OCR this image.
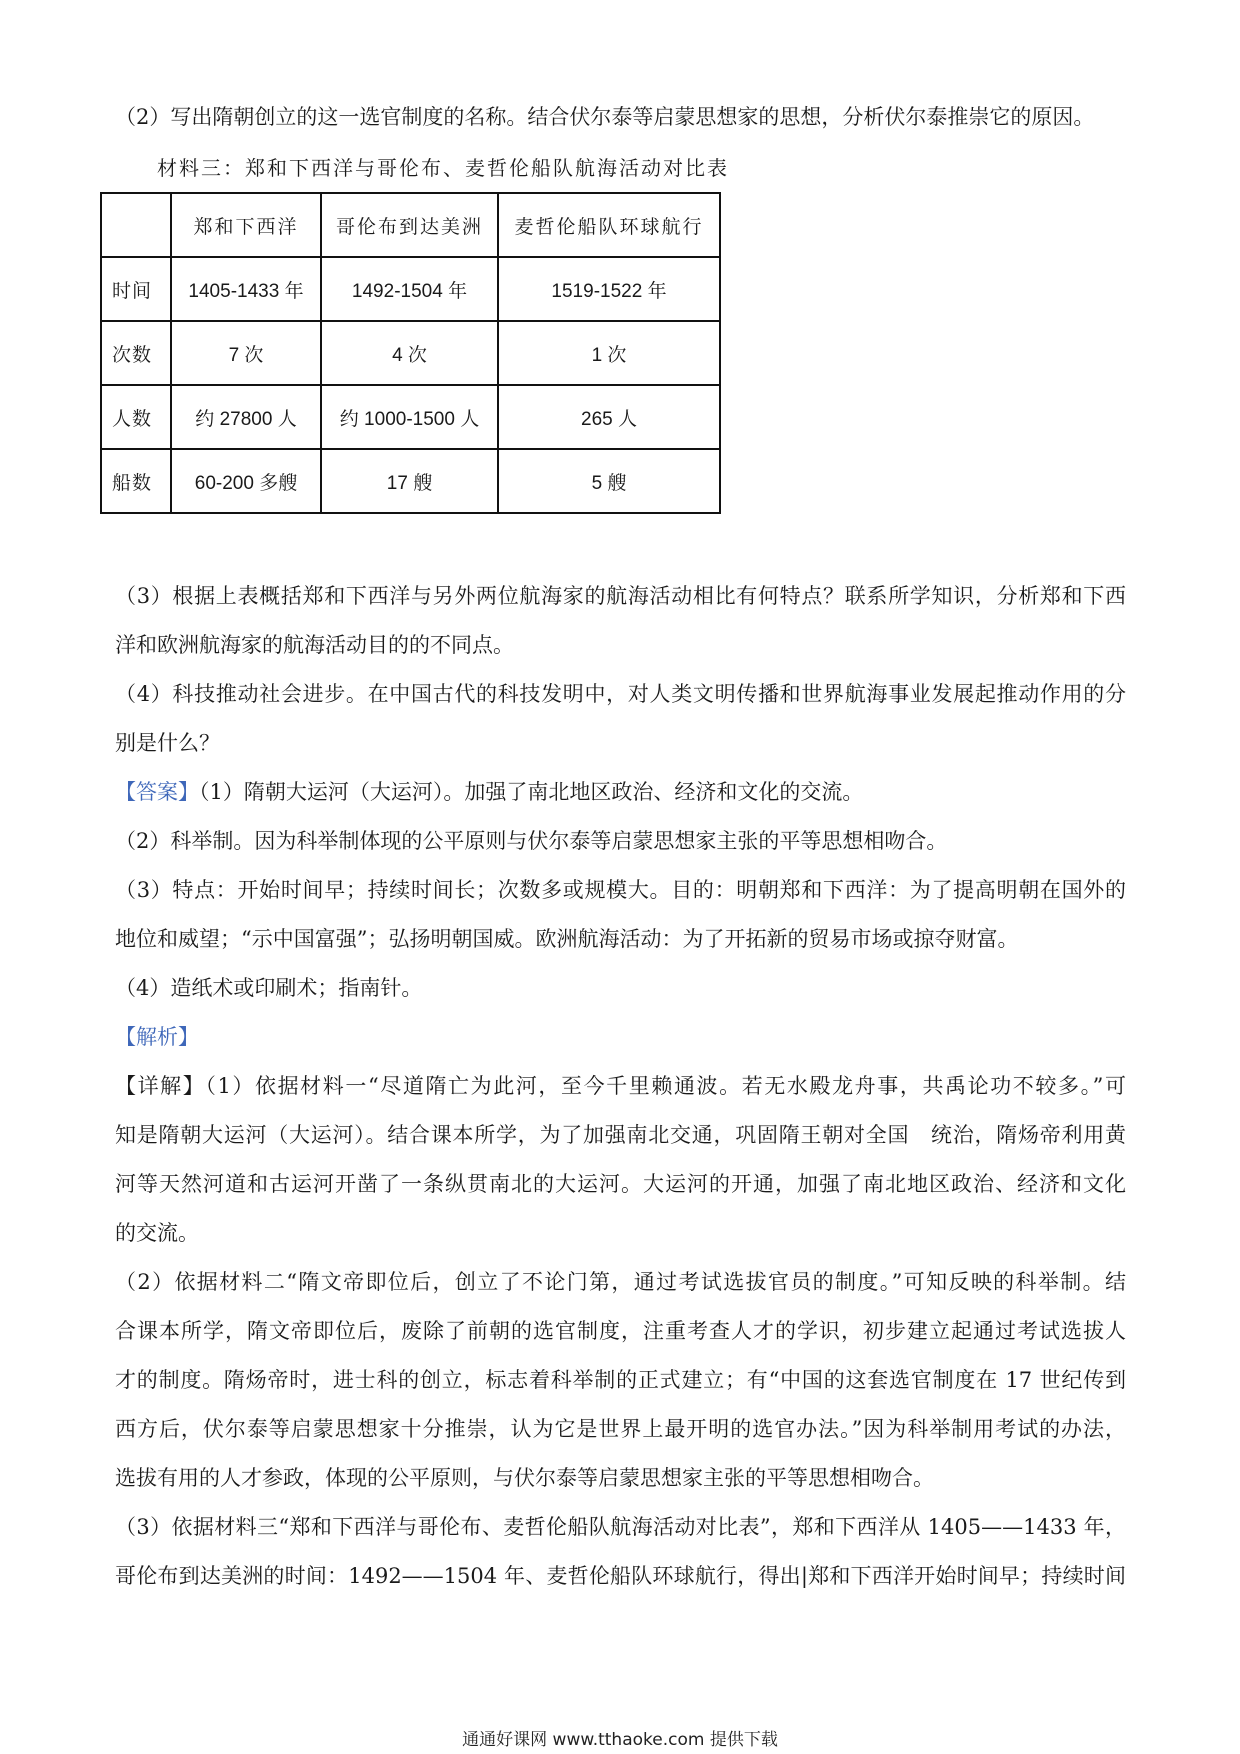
（2）写出隋朝创立的这一选官制度的名称。结合伏尔泰等启蒙思想家的思想，分析伏尔泰推崇它的原因。
材料三：郑和下西洋与哥伦布、麦哲伦船队航海活动对比表
	郑和下西洋	哥伦布到达美洲	麦哲伦船队环球航行
时间	1405-1433 年	1492-1504 年	1519-1522 年
次数	7 次	4 次	1 次
人数	约 27800 人	约 1000-1500 人	265 人
船数	60-200 多艘	17 艘	5 艘
（3）根据上表概括郑和下西洋与另外两位航海家的航海活动相比有何特点？联系所学知识，分析郑和下西
洋和欧洲航海家的航海活动目的的不同点。
（4）科技推动社会进步。在中国古代的科技发明中，对人类文明传播和世界航海事业发展起推动作用的分
别是什么？
【答案】（1）隋朝大运河（大运河）。加强了南北地区政治、经济和文化的交流。
（2）科举制。因为科举制体现的公平原则与伏尔泰等启蒙思想家主张的平等思想相吻合。
（3）特点：开始时间早；持续时间长；次数多或规模大。目的：明朝郑和下西洋：为了提高明朝在国外的
地位和威望；“示中国富强”；弘扬明朝国威。欧洲航海活动：为了开拓新的贸易市场或掠夺财富。
（4）造纸术或印刷术；指南针。
【解析】
【详解】（1）依据材料一“尽道隋亡为此河，至今千里赖通波。若无水殿龙舟事，共禹论功不较多。”可
知是隋朝大运河（大运河）。结合课本所学，为了加强南北交通，巩固隋王朝对全国　统治，隋炀帝利用黄
河等天然河道和古运河开凿了一条纵贯南北的大运河。大运河的开通，加强了南北地区政治、经济和文化
的交流。
（2）依据材料二“隋文帝即位后，创立了不论门第，通过考试选拔官员的制度。”可知反映的科举制。结
合课本所学，隋文帝即位后，废除了前朝的选官制度，注重考查人才的学识，初步建立起通过考试选拔人
才的制度。隋炀帝时，进士科的创立，标志着科举制的正式建立；有“中国的这套选官制度在 17 世纪传到
西方后，伏尔泰等启蒙思想家十分推崇，认为它是世界上最开明的选官办法。”因为科举制用考试的办法，
选拔有用的人才参政，体现的公平原则，与伏尔泰等启蒙思想家主张的平等思想相吻合。
（3）依据材料三“郑和下西洋与哥伦布、麦哲伦船队航海活动对比表”，郑和下西洋从 1405——1433 年，
哥伦布到达美洲的时间：1492——1504 年、麦哲伦船队环球航行，得出|郑和下西洋开始时间早；持续时间
通通好课网 www.tthaoke.com 提供下载
